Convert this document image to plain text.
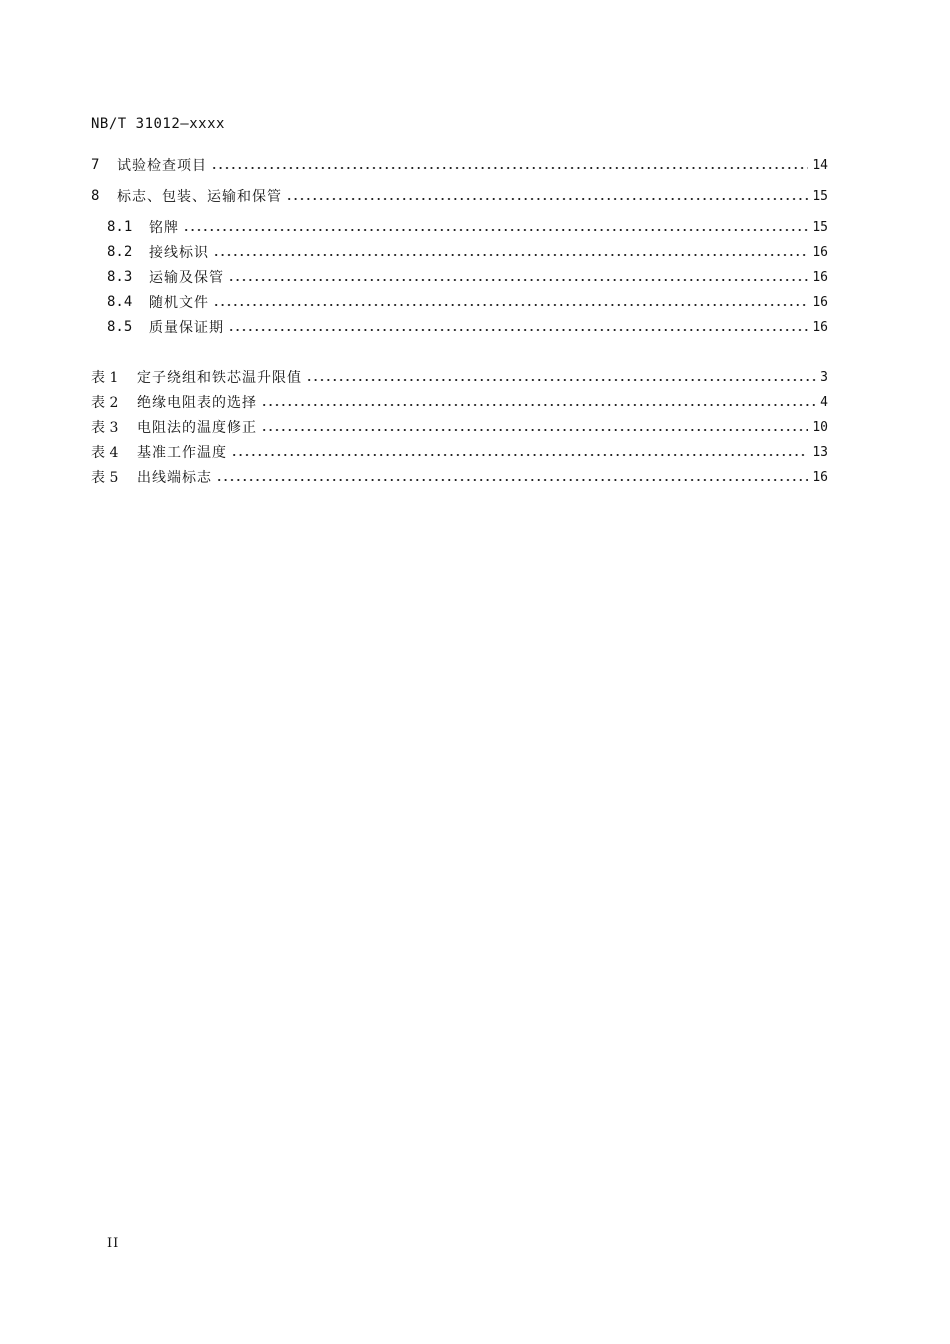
NB/T 31012—xxxx
7	试验检查项目	14
8	标志、包装、运输和保管	15
8.1	铭牌	15
8.2	接线标识	16
8.3	运输及保管	16
8.4	随机文件	16
8.5	质量保证期	16
表 1	定子绕组和铁芯温升限值	3
表 2	绝缘电阻表的选择	4
表 3	电阻法的温度修正	10
表 4	基准工作温度	13
表 5	出线端标志	16
II
